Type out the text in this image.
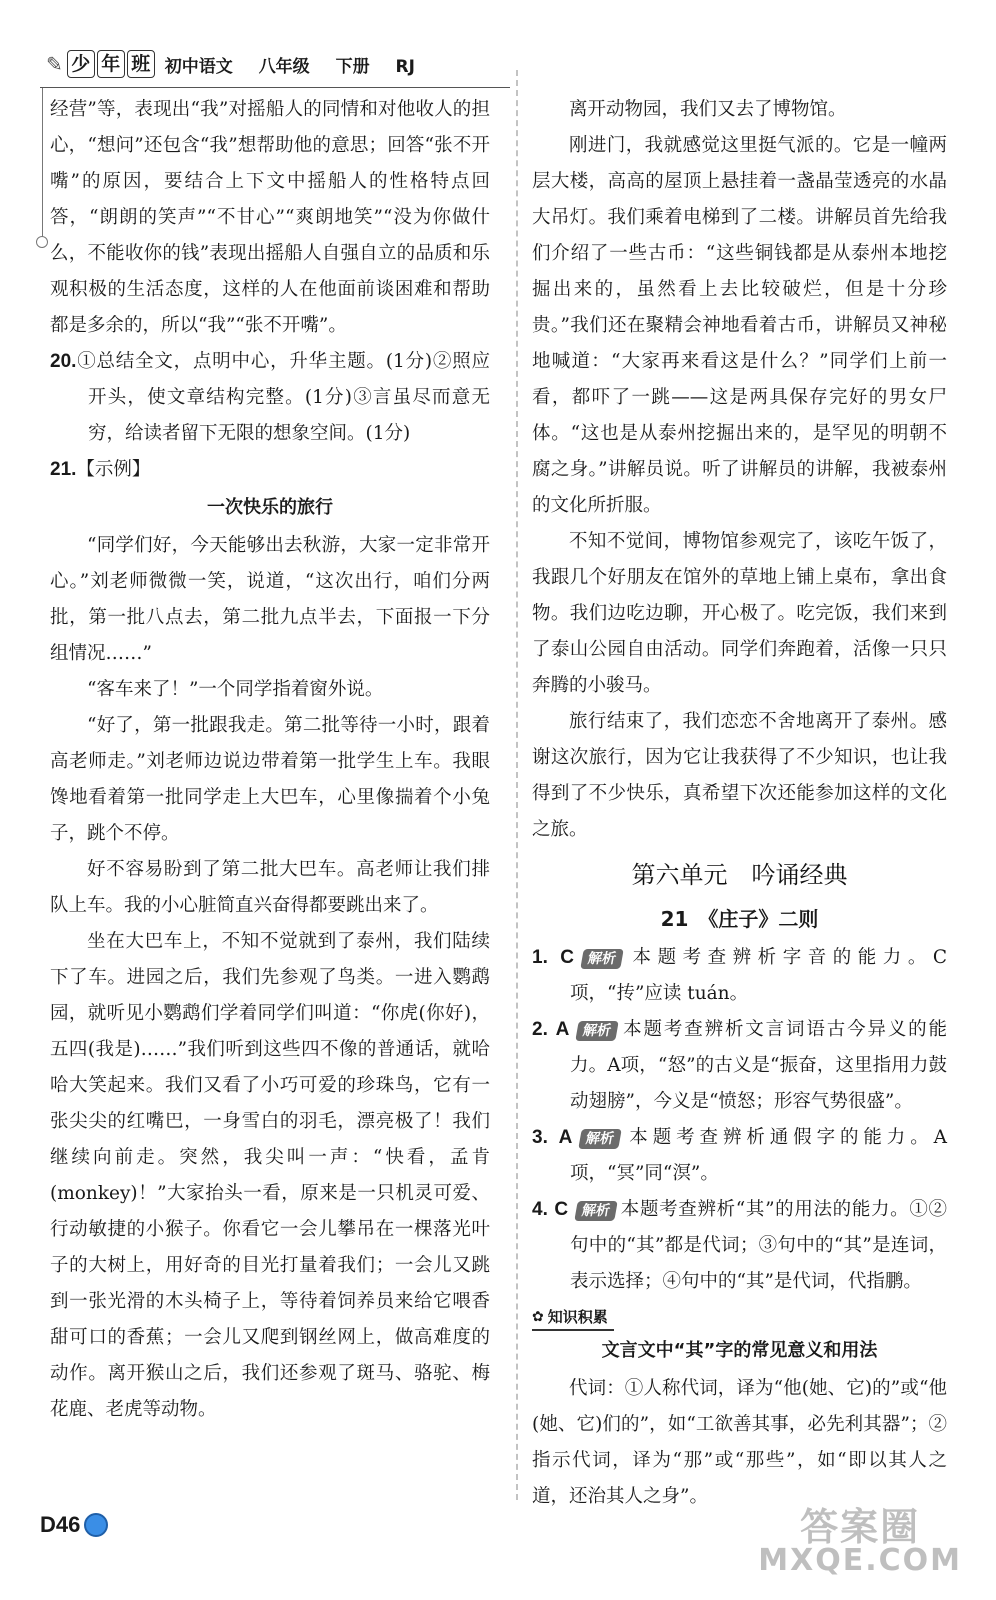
✎ 少 年 班 初中语文 八年级 下册 RJ

经营”等，表现出“我”对摇船人的同情和对他收人的担心，“想问”还包含“我”想帮助他的意思；回答“张不开嘴”的原因，要结合上下文中摇船人的性格特点回答，“朗朗的笑声”“不甘心”“爽朗地笑”“没为你做什么，不能收你的钱”表现出摇船人自强自立的品质和乐观积极的生活态度，这样的人在他面前谈困难和帮助都是多余的，所以“我”“张不开嘴”。

20.①总结全文，点明中心，升华主题。(1分)②照应开头，使文章结构完整。(1分)③言虽尽而意无穷，给读者留下无限的想象空间。(1分)

21.【示例】

一次快乐的旅行

“同学们好，今天能够出去秋游，大家一定非常开心。”刘老师微微一笑，说道，“这次出行，咱们分两批，第一批八点去，第二批九点半去，下面报一下分组情况……”

“客车来了！”一个同学指着窗外说。

“好了，第一批跟我走。第二批等待一小时，跟着高老师走。”刘老师边说边带着第一批学生上车。我眼馋地看着第一批同学走上大巴车，心里像揣着个小兔子，跳个不停。

好不容易盼到了第二批大巴车。高老师让我们排队上车。我的小心脏简直兴奋得都要跳出来了。

坐在大巴车上，不知不觉就到了泰州，我们陆续下了车。进园之后，我们先参观了鸟类。一进入鹦鹉园，就听见小鹦鹉们学着同学们叫道：“你虎(你好)，五四(我是)……”我们听到这些四不像的普通话，就哈哈大笑起来。我们又看了小巧可爱的珍珠鸟，它有一张尖尖的红嘴巴，一身雪白的羽毛，漂亮极了！我们继续向前走。突然，我尖叫一声：“快看，孟肯(monkey)！”大家抬头一看，原来是一只机灵可爱、行动敏捷的小猴子。你看它一会儿攀吊在一棵落光叶子的大树上，用好奇的目光打量着我们；一会儿又跳到一张光滑的木头椅子上，等待着饲养员来给它喂香甜可口的香蕉；一会儿又爬到钢丝网上，做高难度的动作。离开猴山之后，我们还参观了斑马、骆驼、梅花鹿、老虎等动物。

离开动物园，我们又去了博物馆。

刚进门，我就感觉这里挺气派的。它是一幢两层大楼，高高的屋顶上悬挂着一盏晶莹透亮的水晶大吊灯。我们乘着电梯到了二楼。讲解员首先给我们介绍了一些古币：“这些铜钱都是从泰州本地挖掘出来的，虽然看上去比较破烂，但是十分珍贵。”我们还在聚精会神地看着古币，讲解员又神秘地喊道：“大家再来看这是什么？”同学们上前一看，都吓了一跳——这是两具保存完好的男女尸体。“这也是从泰州挖掘出来的，是罕见的明朝不腐之身。”讲解员说。听了讲解员的讲解，我被泰州的文化所折服。

不知不觉间，博物馆参观完了，该吃午饭了，我跟几个好朋友在馆外的草地上铺上桌布，拿出食物。我们边吃边聊，开心极了。吃完饭，我们来到了泰山公园自由活动。同学们奔跑着，活像一只只奔腾的小骏马。

旅行结束了，我们恋恋不舍地离开了泰州。感谢这次旅行，因为它让我获得了不少知识，也让我得到了不少快乐，真希望下次还能参加这样的文化之旅。

第六单元　吟诵经典

21　《庄子》二则

1. C 解析 本题考查辨析字音的能力。C项，“抟”应读 tuán。

2. A 解析 本题考查辨析文言词语古今异义的能力。A项，“怒”的古义是“振奋，这里指用力鼓动翅膀”，今义是“愤怒；形容气势很盛”。

3. A 解析 本题考查辨析通假字的能力。A项，“冥”同“溟”。

4. C 解析 本题考查辨析“其”的用法的能力。①②句中的“其”都是代词；③句中的“其”是连词，表示选择；④句中的“其”是代词，代指鹏。

✿ 知识积累

文言文中“其”字的常见意义和用法

代词：①人称代词，译为“他(她、它)的”或“他(她、它)们的”，如“工欲善其事，必先利其器”；②指示代词，译为“那”或“那些”，如“即以其人之道，还治其人之身”。

D46	答案圈
MXQE.COM
